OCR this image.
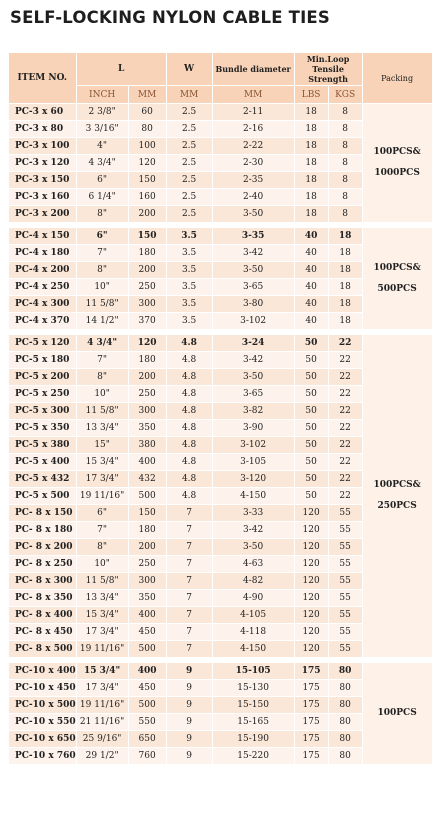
SELF-LOCKING NYLON CABLE TIES
ITEM NO.	L		W	Bundle diameter	Min.Loop Tensile Strength		Packing
	INCH	MM	MM	MM	LBS	KGS	
PC-3 x 60	2 3/8"	60	2.5	2-11	18	8	100PCS& 1000PCS
PC-3 x 80	3 3/16"	80	2.5	2-16	18	8	
PC-3 x 100	4"	100	2.5	2-22	18	8	
PC-3 x 120	4 3/4"	120	2.5	2-30	18	8	
PC-3 x 150	6"	150	2.5	2-35	18	8	
PC-3 x 160	6 1/4"	160	2.5	2-40	18	8	
PC-3 x 200	8"	200	2.5	3-50	18	8	

PC-4 x 150	6"	150	3.5	3-35	40	18	100PCS& 500PCS
PC-4 x 180	7"	180	3.5	3-42	40	18	
PC-4 x 200	8"	200	3.5	3-50	40	18	
PC-4 x 250	10"	250	3.5	3-65	40	18	
PC-4 x 300	11 5/8"	300	3.5	3-80	40	18	
PC-4 x 370	14 1/2"	370	3.5	3-102	40	18	

PC-5 x 120	4 3/4"	120	4.8	3-24	50	22	100PCS& 250PCS
PC-5 x 180	7"	180	4.8	3-42	50	22	
PC-5 x 200	8"	200	4.8	3-50	50	22	
PC-5 x 250	10"	250	4.8	3-65	50	22	
PC-5 x 300	11 5/8"	300	4.8	3-82	50	22	
PC-5 x 350	13 3/4"	350	4.8	3-90	50	22	
PC-5 x 380	15"	380	4.8	3-102	50	22	
PC-5 x 400	15 3/4"	400	4.8	3-105	50	22	
PC-5 x 432	17 3/4"	432	4.8	3-120	50	22	
PC-5 x 500	19 11/16"	500	4.8	4-150	50	22	
PC- 8 x 150	6"	150	7	3-33	120	55	
PC- 8 x 180	7"	180	7	3-42	120	55	
PC- 8 x 200	8"	200	7	3-50	120	55	
PC- 8 x 250	10"	250	7	4-63	120	55	
PC- 8 x 300	11 5/8"	300	7	4-82	120	55	
PC- 8 x 350	13 3/4"	350	7	4-90	120	55	
PC- 8 x 400	15 3/4"	400	7	4-105	120	55	
PC- 8 x 450	17 3/4"	450	7	4-118	120	55	
PC- 8 x 500	19 11/16"	500	7	4-150	120	55	

PC-10 x 400	15 3/4"	400	9	15-105	175	80	100PCS
PC-10 x 450	17 3/4"	450	9	15-130	175	80	
PC-10 x 500	19 11/16"	500	9	15-150	175	80	
PC-10 x 550	21 11/16"	550	9	15-165	175	80	
PC-10 x 650	25 9/16"	650	9	15-190	175	80	
PC-10 x 760	29 1/2"	760	9	15-220	175	80	
